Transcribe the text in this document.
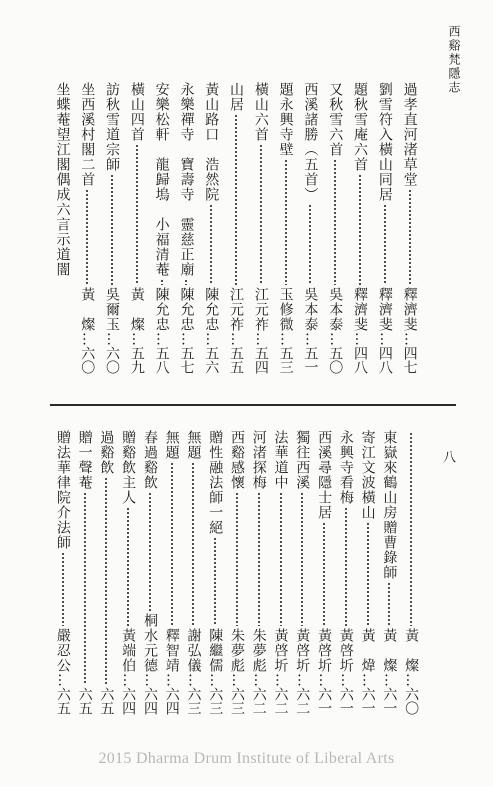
西谿梵隱志
八
過孝直河渚草堂
釋濟斐
…
四七
劉雪符入橫山同居
釋濟斐
…
四八
題秋雪庵六首
釋濟斐
…
四八
又秋雪六首
吳本泰
…
五〇
西溪諸勝（五首）
吳本泰
…
五一
題永興寺壁
玉修微
…
五三
橫山六首
江元祚
…
五四
山居
江元祚
…
五五
黃山路口　浩然院
陳允忠
…
五六
永樂禪寺　寶壽寺　靈慈正廟
陳允忠
…
五七
安樂松軒　龍歸塢　小福清菴
陳允忠
…
五八
橫山四首
黃　燦
…
五九
訪秋雪道宗師
吳爾玉
…
六〇
坐西溪村閣二首
黃　燦
…
六〇
坐蝶菴望江閣偶成六言示道闇
黃　燦
…
六〇
東嶽來鶴山房贈曹錄師
黃　燦
…
六一
寄江文波橫山
黃　煒
…
六一
永興寺看梅
黃啓圻
…
六一
西溪尋隱士居
黃啓圻
…
六一
獨往西溪
黃啓圻
…
六二
法華道中
黃啓圻
…
六二
河渚探梅
朱夢彪
…
六二
西谿感懷
朱夢彪
…
六三
贈性融法師一絕
陳繼儒
…
六三
無題
謝弘儀
…
六三
無題
釋智靖
…
六四
春過谿飲
桐水元德
…
六四
贈谿飲主人
黃端伯
…
六四
過谿飲
六五
贈一聲菴
六五
贈法華律院介法師
嚴忍公
…
六五
2015 Dharma Drum Institute of Liberal Arts
